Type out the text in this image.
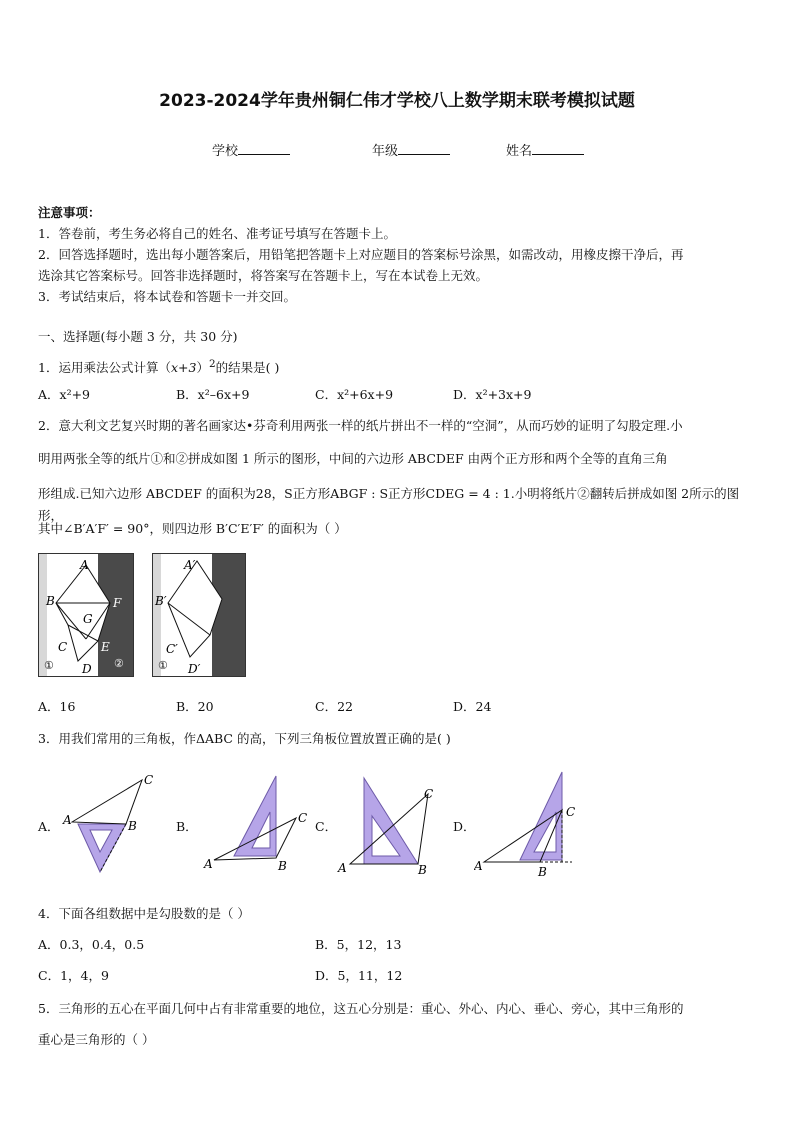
2023-2024学年贵州铜仁伟才学校八上数学期末联考模拟试题
学校	年级	姓名
注意事项：
1．答卷前，考生务必将自己的姓名、准考证号填写在答题卡上。
2．回答选择题时，选出每小题答案后，用铅笔把答题卡上对应题目的答案标号涂黑，如需改动，用橡皮擦干净后，再
选涂其它答案标号。回答非选择题时，将答案写在答题卡上，写在本试卷上无效。
3．考试结束后，将本试卷和答题卡一并交回。
一、选择题(每小题 3 分，共 30 分)
1．运用乘法公式计算$(x+3)^2$的结果是( )
A．x²+9	B．x²–6x+9	C．x²+6x+9	D．x²+3x+9
2．意大利文艺复兴时期的著名画家达•芬奇利用两张一样的纸片拼出不一样的“空洞”，从而巧妙的证明了勾股定理.小
明用两张全等的纸片①和②拼成如图 1 所示的图形，中间的六边形 ABCDEF 由两个正方形和两个全等的直角三角
形组成.已知六边形 ABCDEF 的面积为28，S正方形ABGF : S正方形CDEG = 4 : 1.小明将纸片②翻转后拼成如图 2所示的图形，
其中∠B′A′F′ = 90°，则四边形 B′C′E′F′ 的面积为（ ）
A
B
G
C
D
E
F
①	②
A′
B′
C′
D′
①
A．16	B．20	C．22	D．24
3．用我们常用的三角板，作ΔABC 的高，下列三角板位置放置正确的是( )
A． A	B
C
B．
A	B
C
C．
A	B
C
D．
A	B
C
4．下面各组数据中是勾股数的是（ ）
A．0.3，0.4，0.5	B．5，12，13
C．1，4，9	D．5，11，12
5．三角形的五心在平面几何中占有非常重要的地位，这五心分别是：重心、外心、内心、垂心、旁心，其中三角形的
重心是三角形的（ ）
